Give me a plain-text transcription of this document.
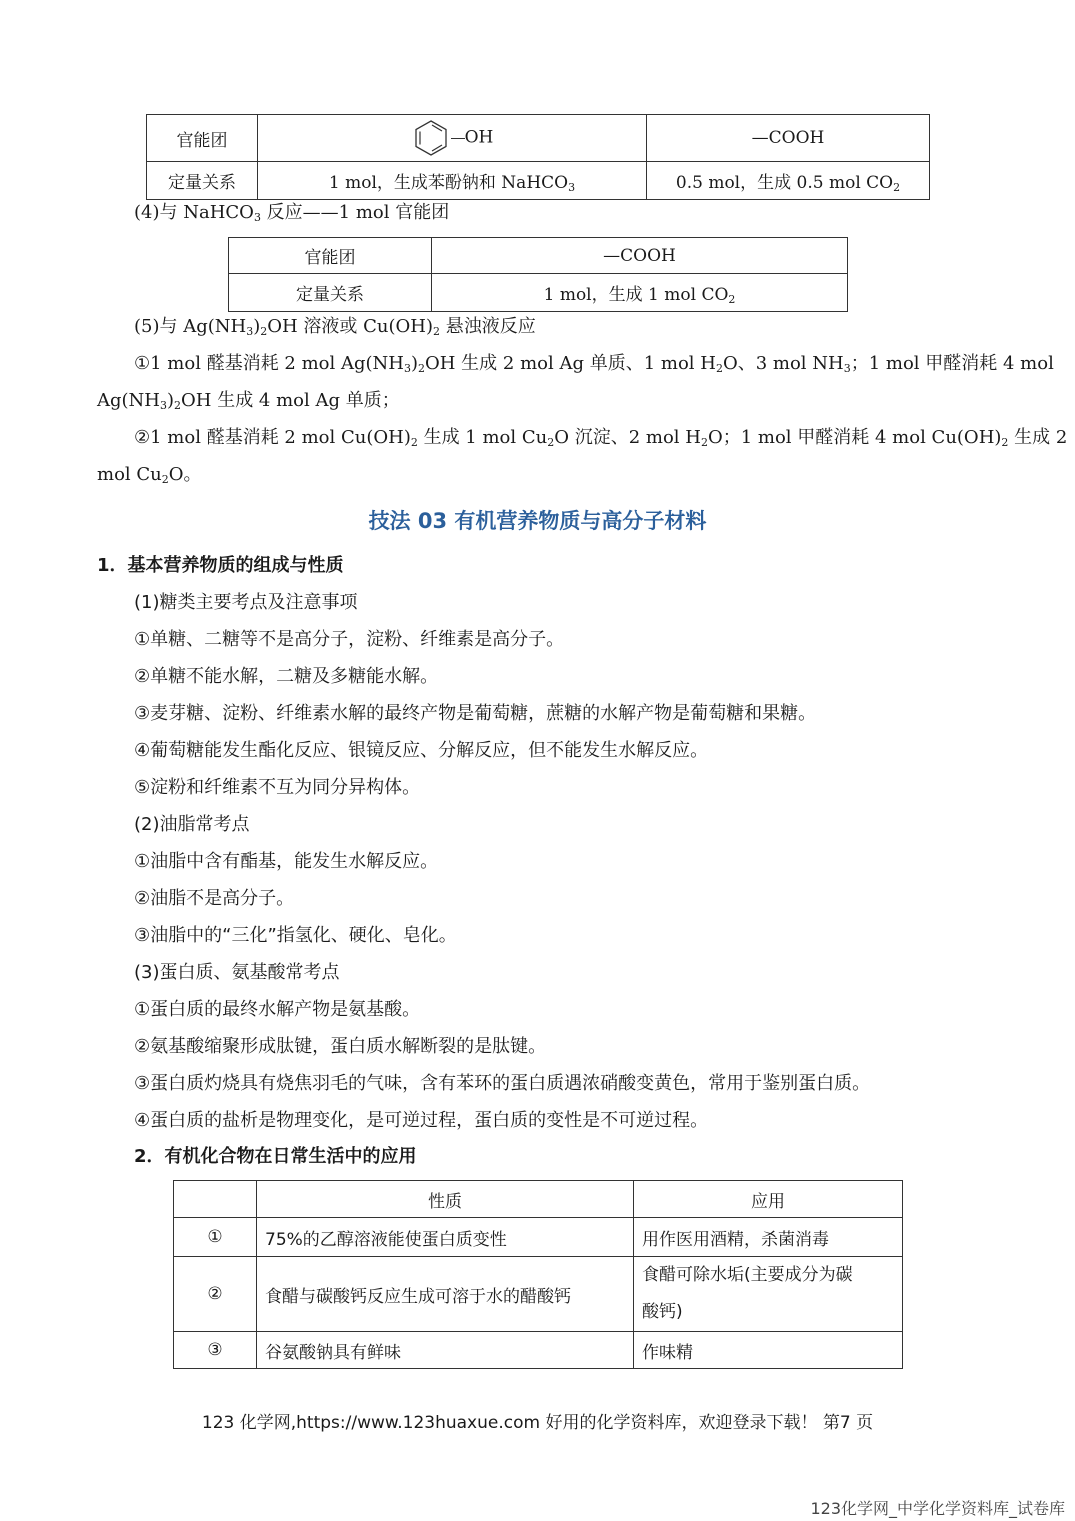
官能团	OH	—COOH
定量关系	1 mol，生成苯酚钠和 NaHCO$_3$	0.5 mol，生成 0.5 mol $CO_2$
(4)与 NaHCO$_3$ 反应——1 mol 官能团
官能团	—COOH
定量关系	1 mol，生成 1 mol $CO_2$
(5)与 $Ag(NH_3)_2OH$ 溶液或 $Cu(OH)_2$ 悬浊液反应
①1 mol 醛基消耗 2 mol $Ag(NH_3)_2OH$ 生成 2 mol Ag 单质、1 mol $H_2O$、3 mol $NH_3$；1 mol 甲醛消耗 4 mol
$Ag(NH_3)_2OH$ 生成 4 mol Ag 单质；
②1 mol 醛基消耗 2 mol $Cu(OH)_2$ 生成 1 mol $Cu_2O$ 沉淀、2 mol $H_2O$；1 mol 甲醛消耗 4 mol $Cu(OH)_2$ 生成 2
mol $Cu_2O$。
技法 03 有机营养物质与高分子材料
1．基本营养物质的组成与性质
(1)糖类主要考点及注意事项
①单糖、二糖等不是高分子，淀粉、纤维素是高分子。
②单糖不能水解，二糖及多糖能水解。
③麦芽糖、淀粉、纤维素水解的最终产物是葡萄糖，蔗糖的水解产物是葡萄糖和果糖。
④葡萄糖能发生酯化反应、银镜反应、分解反应，但不能发生水解反应。
⑤淀粉和纤维素不互为同分异构体。
(2)油脂常考点
①油脂中含有酯基，能发生水解反应。
②油脂不是高分子。
③油脂中的“三化”指氢化、硬化、皂化。
(3)蛋白质、氨基酸常考点
①蛋白质的最终水解产物是氨基酸。
②氨基酸缩聚形成肽键，蛋白质水解断裂的是肽键。
③蛋白质灼烧具有烧焦羽毛的气味，含有苯环的蛋白质遇浓硝酸变黄色，常用于鉴别蛋白质。
④蛋白质的盐析是物理变化，是可逆过程，蛋白质的变性是不可逆过程。
2．有机化合物在日常生活中的应用
	性质	应用
①	75%的乙醇溶液能使蛋白质变性	用作医用酒精，杀菌消毒
②	食醋与碳酸钙反应生成可溶于水的醋酸钙	食醋可除水垢(主要成分为碳
酸钙)
③	谷氨酸钠具有鲜味	作味精
123 化学网,https://www.123huaxue.com 好用的化学资料库，欢迎登录下载！ 第7 页
123化学网_中学化学资料库_试卷库
